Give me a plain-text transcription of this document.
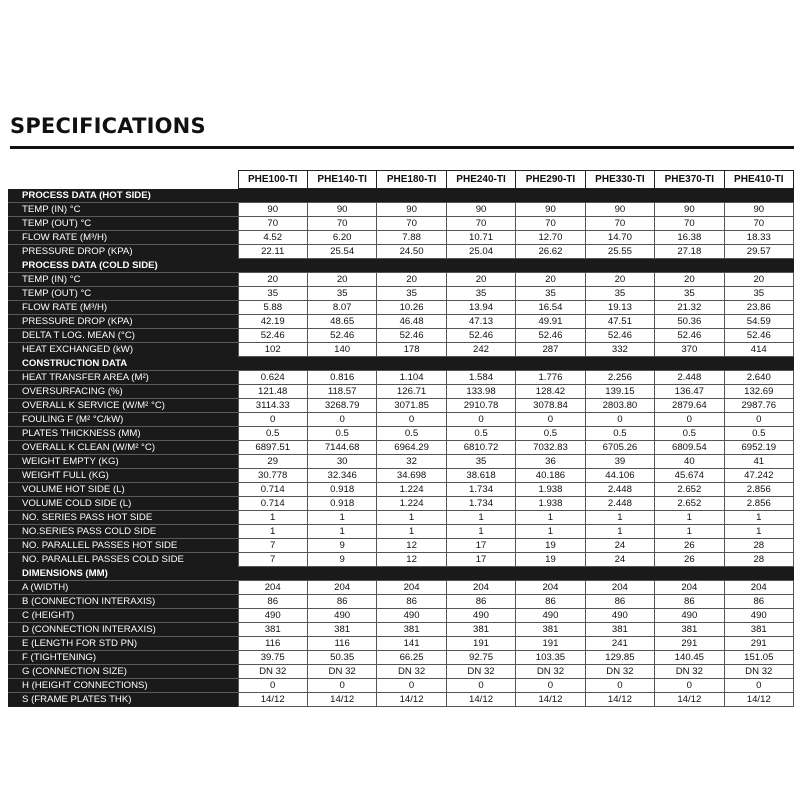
SPECIFICATIONS
	PHE100-TI	PHE140-TI	PHE180-TI	PHE240-TI	PHE290-TI	PHE330-TI	PHE370-TI	PHE410-TI
PROCESS DATA (HOT SIDE)								
TEMP (IN) °C	90	90	90	90	90	90	90	90
TEMP (OUT) °C	70	70	70	70	70	70	70	70
FLOW RATE (M³/H)	4.52	6.20	7.88	10.71	12.70	14.70	16.38	18.33
PRESSURE DROP (KPA)	22.11	25.54	24.50	25.04	26.62	25.55	27.18	29.57
PROCESS DATA (COLD SIDE)								
TEMP (IN) °C	20	20	20	20	20	20	20	20
TEMP (OUT) °C	35	35	35	35	35	35	35	35
FLOW RATE (M³/H)	5.88	8.07	10.26	13.94	16.54	19.13	21.32	23.86
PRESSURE DROP (KPA)	42.19	48.65	46.48	47.13	49.91	47.51	50.36	54.59
DELTA T LOG. MEAN (°C)	52.46	52.46	52.46	52.46	52.46	52.46	52.46	52.46
HEAT EXCHANGED (kW)	102	140	178	242	287	332	370	414
CONSTRUCTION DATA								
HEAT TRANSFER AREA (M²)	0.624	0.816	1.104	1.584	1.776	2.256	2.448	2.640
OVERSURFACING (%)	121.48	118.57	126.71	133.98	128.42	139.15	136.47	132.69
OVERALL K SERVICE (W/M² °C)	3114.33	3268.79	3071.85	2910.78	3078.84	2803.80	2879.64	2987.76
FOULING F (M² °C/kW)	0	0	0	0	0	0	0	0
PLATES THICKNESS (MM)	0.5	0.5	0.5	0.5	0.5	0.5	0.5	0.5
OVERALL K CLEAN (W/M² °C)	6897.51	7144.68	6964.29	6810.72	7032.83	6705.26	6809.54	6952.19
WEIGHT EMPTY (KG)	29	30	32	35	36	39	40	41
WEIGHT FULL (KG)	30.778	32.346	34.698	38.618	40.186	44.106	45.674	47.242
VOLUME HOT SIDE (L)	0.714	0.918	1.224	1.734	1.938	2.448	2.652	2.856
VOLUME COLD SIDE (L)	0.714	0.918	1.224	1.734	1.938	2.448	2.652	2.856
NO. SERIES PASS HOT SIDE	1	1	1	1	1	1	1	1
NO.SERIES PASS COLD SIDE	1	1	1	1	1	1	1	1
NO. PARALLEL PASSES HOT SIDE	7	9	12	17	19	24	26	28
NO. PARALLEL PASSES COLD SIDE	7	9	12	17	19	24	26	28
DIMENSIONS (MM)								
A (WIDTH)	204	204	204	204	204	204	204	204
B (CONNECTION INTERAXIS)	86	86	86	86	86	86	86	86
C (HEIGHT)	490	490	490	490	490	490	490	490
D (CONNECTION INTERAXIS)	381	381	381	381	381	381	381	381
E (LENGTH FOR STD PN)	116	116	141	191	191	241	291	291
F (TIGHTENING)	39.75	50.35	66.25	92.75	103.35	129.85	140.45	151.05
G (CONNECTION SIZE)	DN 32	DN 32	DN 32	DN 32	DN 32	DN 32	DN 32	DN 32
H (HEIGHT CONNECTIONS)	0	0	0	0	0	0	0	0
S (FRAME PLATES THK)	14/12	14/12	14/12	14/12	14/12	14/12	14/12	14/12
